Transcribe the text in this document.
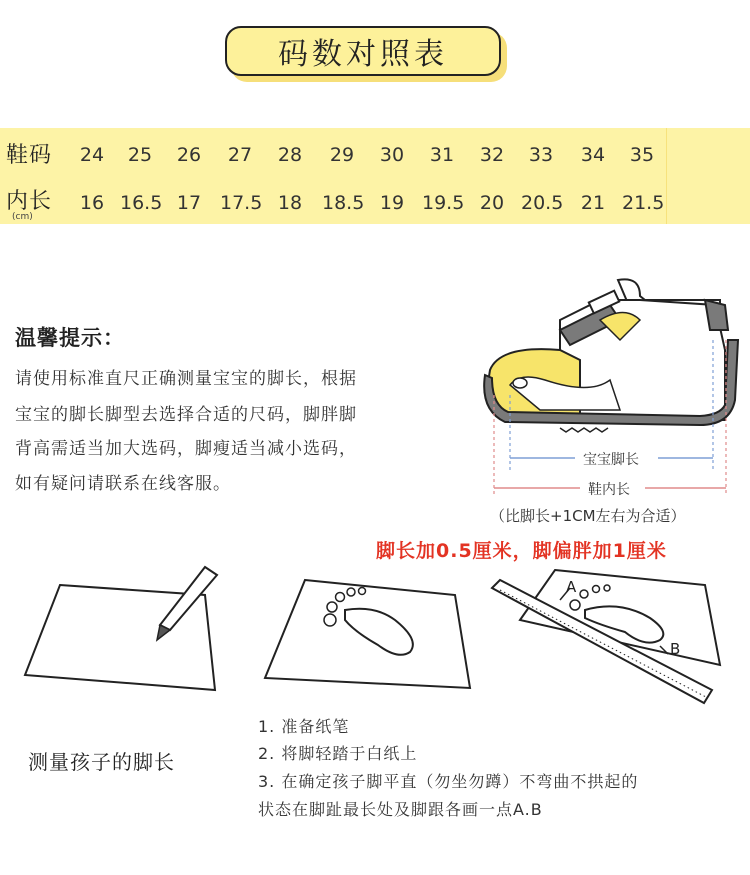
码数对照表
鞋码	24	25	26	27	28	29	30	31	32	33	34	35
内长
(cm)
16 16.5 17 17.5 18	18.5 19 19.5 20 20.5 21 21.5
温馨提示：
请使用标准直尺正确测量宝宝的脚长，根据
宝宝的脚长脚型去选择合适的尺码，脚胖脚
背高需适当加大选码，脚瘦适当减小选码，
如有疑问请联系在线客服。
宝宝脚长
鞋内长
（比脚长+1CM左右为合适）
脚长加0.5厘米，脚偏胖加1厘米
A
B
测量孩子的脚长
1. 准备纸笔
2. 将脚轻踏于白纸上
3. 在确定孩子脚平直（勿坐勿蹲）不弯曲不拱起的
状态在脚趾最长处及脚跟各画一点A.B
